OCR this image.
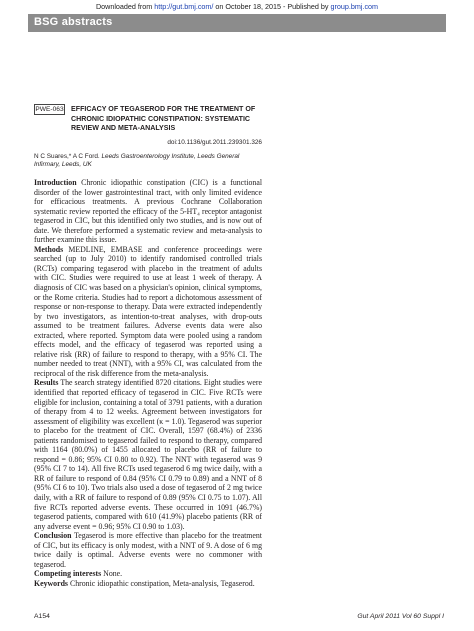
Downloaded from http://gut.bmj.com/ on October 18, 2015 - Published by group.bmj.com
BSG abstracts
PWE-063 EFFICACY OF TEGASEROD FOR THE TREATMENT OF CHRONIC IDIOPATHIC CONSTIPATION: SYSTEMATIC REVIEW AND META-ANALYSIS
doi:10.1136/gut.2011.239301.326
N C Suares,* A C Ford. Leeds Gastroenterology Institute, Leeds General Infirmary, Leeds, UK

Introduction Chronic idiopathic constipation (CIC) is a functional disorder of the lower gastrointestinal tract, with only limited evidence for efficacious treatments. A previous Cochrane Collaboration systematic review reported the efficacy of the 5-HT₄ receptor antagonist tegaserod in CIC, but this identified only two studies, and is now out of date. We therefore performed a systematic review and meta-analysis to further examine this issue.

Methods MEDLINE, EMBASE and conference proceedings were searched (up to July 2010) to identify randomised controlled trials (RCTs) comparing tegaserod with placebo in the treatment of adults with CIC. Studies were required to use at least 1 week of therapy. A diagnosis of CIC was based on a physician's opinion, clinical symptoms, or the Rome criteria. Studies had to report a dichotomous assessment of response or non-response to therapy. Data were extracted independently by two investigators, as intention-to-treat analyses, with drop-outs assumed to be treatment failures. Adverse events data were also extracted, where reported. Symptom data were pooled using a random effects model, and the efficacy of tegaserod was reported using a relative risk (RR) of failure to respond to therapy, with a 95% CI. The number needed to treat (NNT), with a 95% CI, was calculated from the reciprocal of the risk difference from the meta-analysis.

Results The search strategy identified 8720 citations. Eight studies were identified that reported efficacy of tegaserod in CIC. Five RCTs were eligible for inclusion, containing a total of 3791 patients, with a duration of therapy from 4 to 12 weeks. Agreement between investigators for assessment of eligibility was excellent (κ = 1.0). Tegaserod was superior to placebo for the treatment of CIC. Overall, 1597 (68.4%) of 2336 patients randomised to tegaserod failed to respond to therapy, compared with 1164 (80.0%) of 1455 allocated to placebo (RR of failure to respond = 0.86; 95% CI 0.80 to 0.92). The NNT with tegaserod was 9 (95% CI 7 to 14). All five RCTs used tegaserod 6 mg twice daily, with a RR of failure to respond of 0.84 (95% CI 0.79 to 0.89) and a NNT of 8 (95% CI 6 to 10). Two trials also used a dose of tegaserod of 2 mg twice daily, with a RR of failure to respond of 0.89 (95% CI 0.75 to 1.07). All five RCTs reported adverse events. These occurred in 1091 (46.7%) tegaserod patients, compared with 610 (41.9%) placebo patients (RR of any adverse event = 0.96; 95% CI 0.90 to 1.03).

Conclusion Tegaserod is more effective than placebo for the treatment of CIC, but its efficacy is only modest, with a NNT of 9. A dose of 6 mg twice daily is optimal. Adverse events were no commoner with tegaserod.

Competing interests None.

Keywords Chronic idiopathic constipation, Meta-analysis, Tegaserod.

A154	Gut April 2011 Vol 60 Suppl I
